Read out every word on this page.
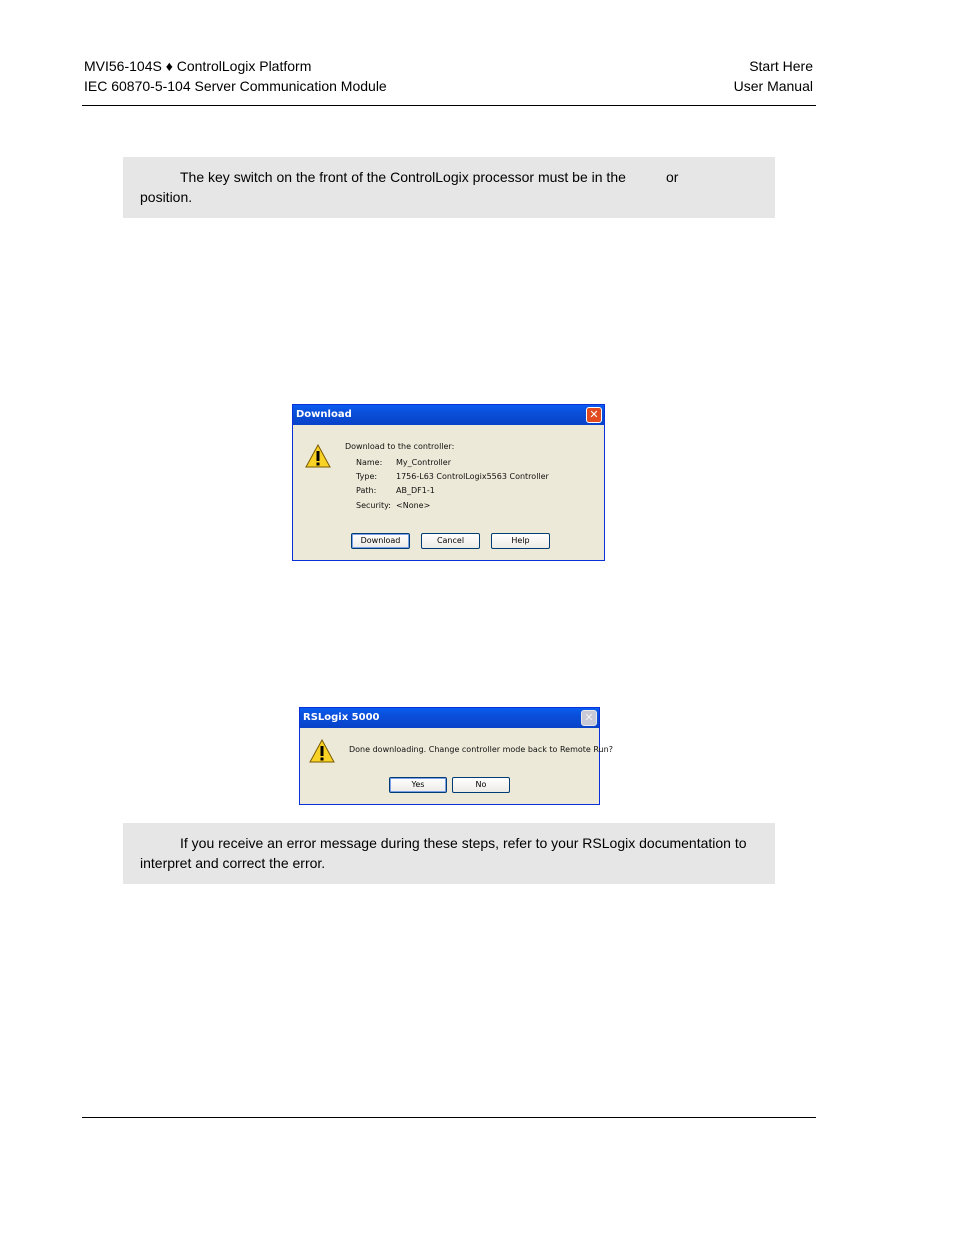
MVI56-104S ♦ ControlLogix Platform
IEC 60870-5-104 Server Communication Module
Start Here
User Manual
The key switch on the front of the ControlLogix processor must be in the	or
position.
Download	✕
Download to the controller:
Name: My_Controller
Type: 1756-L63 ControlLogix5563 Controller
Path: AB_DF1-1
Security: <None>
Download	Cancel	Help
RSLogix 5000	✕
Done downloading. Change controller mode back to Remote Run?
Yes	No
If you receive an error message during these steps, refer to your RSLogix documentation to
interpret and correct the error.
